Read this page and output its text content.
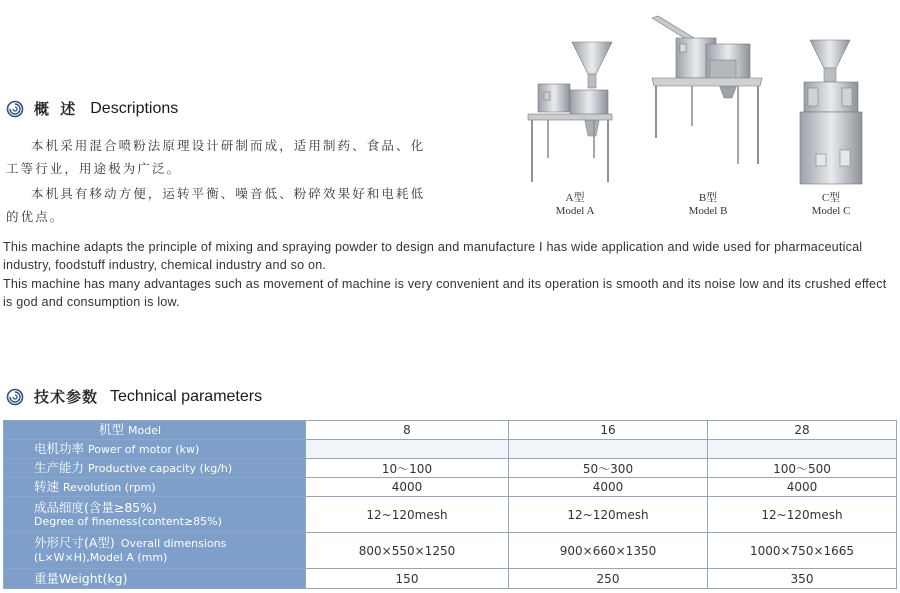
概 述 Descriptions

本机采用混合喷粉法原理设计研制而成，适用制药、食品、化工等行业，用途极为广泛。

本机具有移动方便，运转平衡、噪音低、粉碎效果好和电耗低的优点。

This machine adapts the principle of mixing and spraying powder to design and manufacture I has wide application and wide used for pharmaceutical industry, foodstuff industry, chemical industry and so on.

This machine has many advantages such as movement of machine is very convenient and its operation is smooth and its noise low and its crushed effect is god and consumption is low.

A型
Model A
B型
Model B
C型
Model C
技术参数 Technical parameters
机型 Model	8	16	28
电机功率 Power of motor (kw)			
生产能力 Productive capacity (kg/h)	10～100	50～300	100～500
转速 Revolution (rpm)	4000	4000	4000

成品细度(含量≥85%)
Degree of fineness(content≥85%)	12~120mesh	12~120mesh	12~120mesh

外形尺寸(A型) Overall dimensions
(L×W×H),Model A (mm)	800×550×1250	900×660×1350	1000×750×1665
重量Weight(kg)	150	250	350
